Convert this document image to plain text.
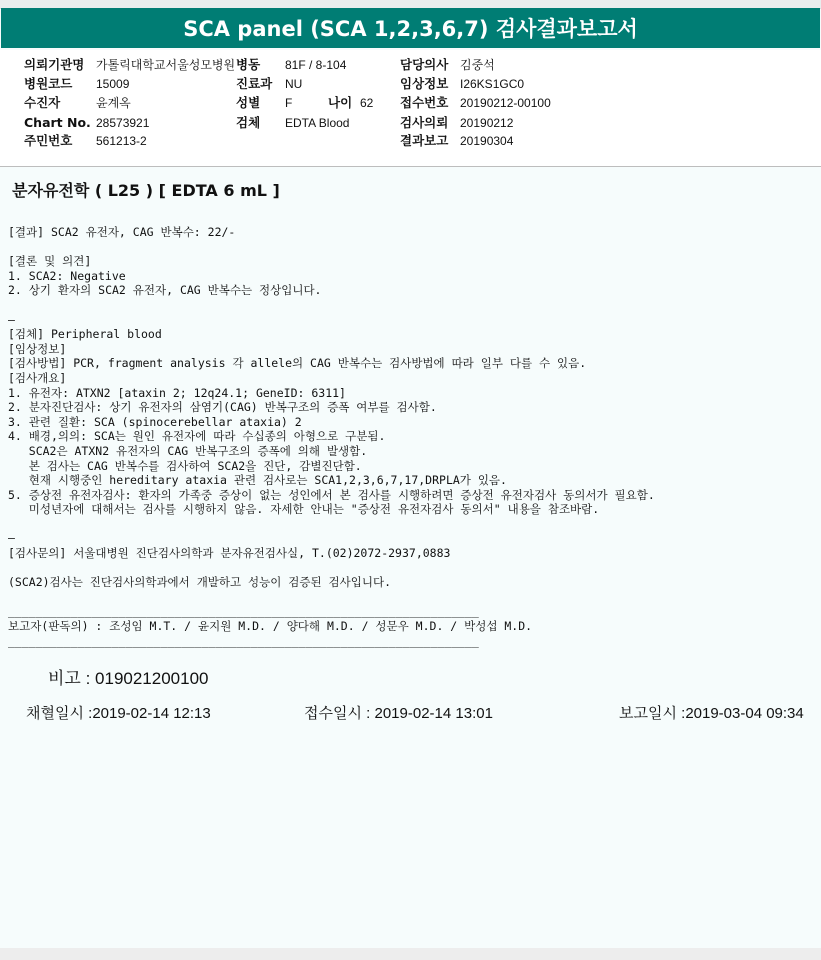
SCA panel (SCA 1,2,3,6,7) 검사결과보고서
의뢰기관명 가톨릭대학교서울성모병원 병동 81F / 8-104	담당의사 김중석
병원코드 15009	진료과 NU	임상정보 I26KS1GC0
수진자	윤계옥	성별 F	나이 62 접수번호 20190212-00100
Chart No. 28573921	검체 EDTA Blood	검사의뢰 20190212
주민번호 561213-2	결과보고 20190304
분자유전학 ( L25 ) [ EDTA 6 mL ]
[결과] SCA2 유전자, CAG 반복수: 22/-
[결론 및 의견]
1. SCA2: Negative
2. 상기 환자의 SCA2 유전자, CAG 반복수는 정상입니다.
—
[검체] Peripheral blood
[임상정보]
[검사방법] PCR, fragment analysis 각 allele의 CAG 반복수는 검사방법에 따라 일부 다를 수 있음.
[검사개요]
1. 유전자: ATXN2 [ataxin 2; 12q24.1; GeneID: 6311]
2. 분자진단검사: 상기 유전자의 삼염기(CAG) 반복구조의 증폭 여부를 검사함.
3. 관련 질환: SCA (spinocerebellar ataxia) 2
4. 배경,의의: SCA는 원인 유전자에 따라 수십종의 아형으로 구분됨.
SCA2은 ATXN2 유전자의 CAG 반복구조의 증폭에 의해 발생함.
본 검사는 CAG 반복수를 검사하여 SCA2을 진단, 감별진단함.
현재 시행중인 hereditary ataxia 관련 검사로는 SCA1,2,3,6,7,17,DRPLA가 있음.
5. 증상전 유전자검사: 환자의 가족중 증상이 없는 성인에서 본 검사를 시행하려면 증상전 유전자검사 동의서가 필요함.
미성년자에 대해서는 검사를 시행하지 않음. 자세한 안내는 "증상전 유전자검사 동의서" 내용을 참조바람.
—
[검사문의] 서울대병원 진단검사의학과 분자유전검사실, T.(02)2072-2937,0883
(SCA2)검사는 진단검사의학과에서 개발하고 성능이 검증된 검사입니다.
____________________________________________________________________
보고자(판독의) : 조성임 M.T. / 윤지원 M.D. / 양다해 M.D. / 성문우 M.D. / 박성섭 M.D.
____________________________________________________________________
비고 : 019021200100
채혈일시 :2019-02-14 12:13	접수일시 : 2019-02-14 13:01	보고일시 :2019-03-04 09:34
